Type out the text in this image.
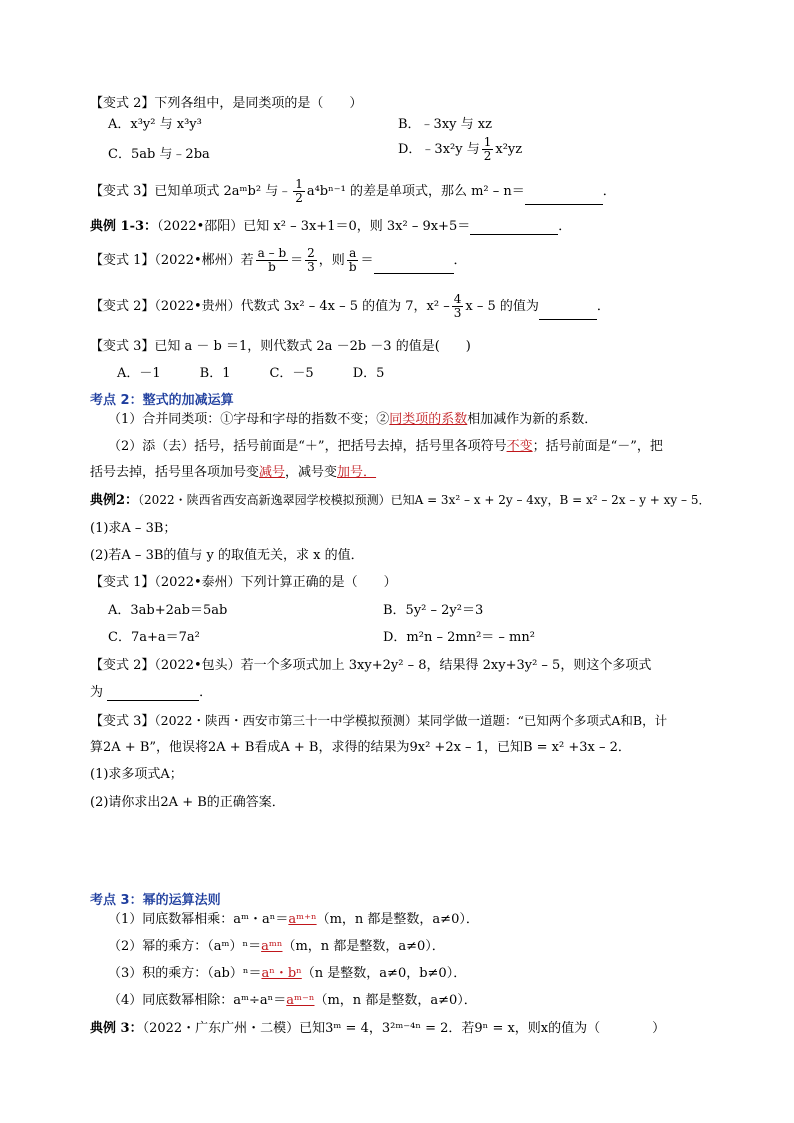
【变式 2】下列各组中，是同类项的是（　　）
A．x³y² 与 x³y³	B．﹣3xy 与 xz
C．5ab 与﹣2ba	D．﹣3x²y 与 $\frac{1}{2} x^2yz$
【变式 3】已知单项式 2aᵐb² 与﹣ $\frac{1}{2} a^4b^{n-1}$ 的差是单项式，那么 m² – n＝	．
典例 1-3：（2022•邵阳）已知 x² – 3x+1＝0，则 3x² – 9x+5＝	．
【变式 1】（2022•郴州）若 $\frac{a - b}{b} = \frac{2}{3}$ ，则 $\frac{a}{b}$ ＝	．
【变式 2】（2022•贵州）代数式 3x² – 4x – 5 的值为 7，$x^2 - \frac{4}{3}$ x – 5 的值为	．
【变式 3】已知 a － b ＝1，则代数式 2a －2b －3 的值是(　　)
A．－1　　　B．1　　　C．－5　　　D．5
考点 2：整式的加减运算
（1）合并同类项：①字母和字母的指数不变；②同类项的系数相加减作为新的系数．
（2）添（去）括号，括号前面是“＋”，把括号去掉，括号里各项符号不变；括号前面是“－”，把
括号去掉，括号里各项加号变减号，减号变加号．
典例2：（2022・陕西省西安高新逸翠园学校模拟预测）已知A = 3x² – x + 2y – 4xy，B = x² – 2x – y + xy – 5．
(1)求A – 3B；
(2)若A – 3B的值与 y 的取值无关，求 x 的值．
【变式 1】（2022•泰州）下列计算正确的是（　　）
A．3ab+2ab＝5ab	B．5y² – 2y²＝3
C．7a+a＝7a²	D．m²n – 2mn²＝ – mn²
【变式 2】（2022•包头）若一个多项式加上 3xy+2y² – 8，结果得 2xy+3y² – 5，则这个多项式
为	．
【变式 3】（2022・陕西・西安市第三十一中学模拟预测）某同学做一道题：“已知两个多项式A和B，计
算2A + B”，他误将2A + B看成A + B，求得的结果为9x² +2x – 1，已知B = x² +3x – 2．
(1)求多项式A；
(2)请你求出2A + B的正确答案．
考点 3：幂的运算法则
（1）同底数幂相乘：aᵐ・aⁿ＝aᵐ⁺ⁿ（m，n 都是整数，a≠0）．
（2）幂的乘方：（aᵐ）ⁿ＝aᵐⁿ（m，n 都是整数，a≠0）．
（3）积的乘方：（ab）ⁿ＝aⁿ・bⁿ（n 是整数，a≠0，b≠0）．
（4）同底数幂相除：aᵐ÷aⁿ＝aᵐ⁻ⁿ（m，n 都是整数，a≠0）．
典例 3：（2022・广东广州・二模）已知3ᵐ = 4，3²ᵐ⁻⁴ⁿ = 2．若9ⁿ = x，则x的值为（　　　　）
